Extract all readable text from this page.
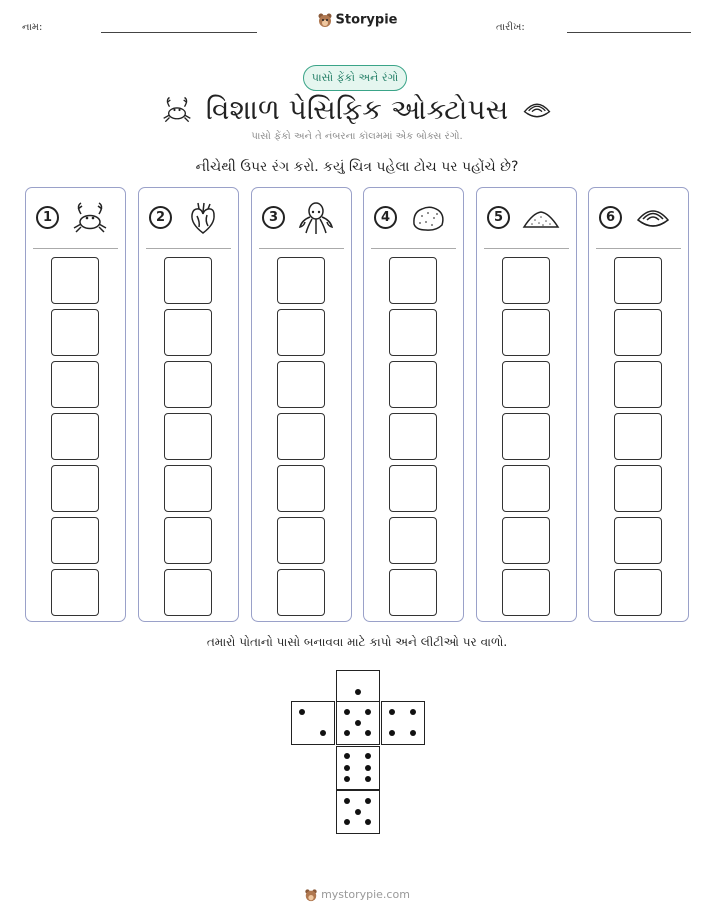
નામ:	Storypie	તારીખ:
પાસો ફેંકો અને રંગો
વિશાળ પેસિફિક ઓક્ટોપસ
પાસો ફેંકો અને તે નંબરના કૉલમમાં એક બોક્સ રંગો.
નીચેથી ઉપર રંગ કરો. કયું ચિત્ર પહેલા ટોચ પર પહોંચે છે?
1	2	3	4	5	6
તમારો પોતાનો પાસો બનાવવા માટે કાપો અને લીટીઓ પર વાળો.
mystorypie.com
